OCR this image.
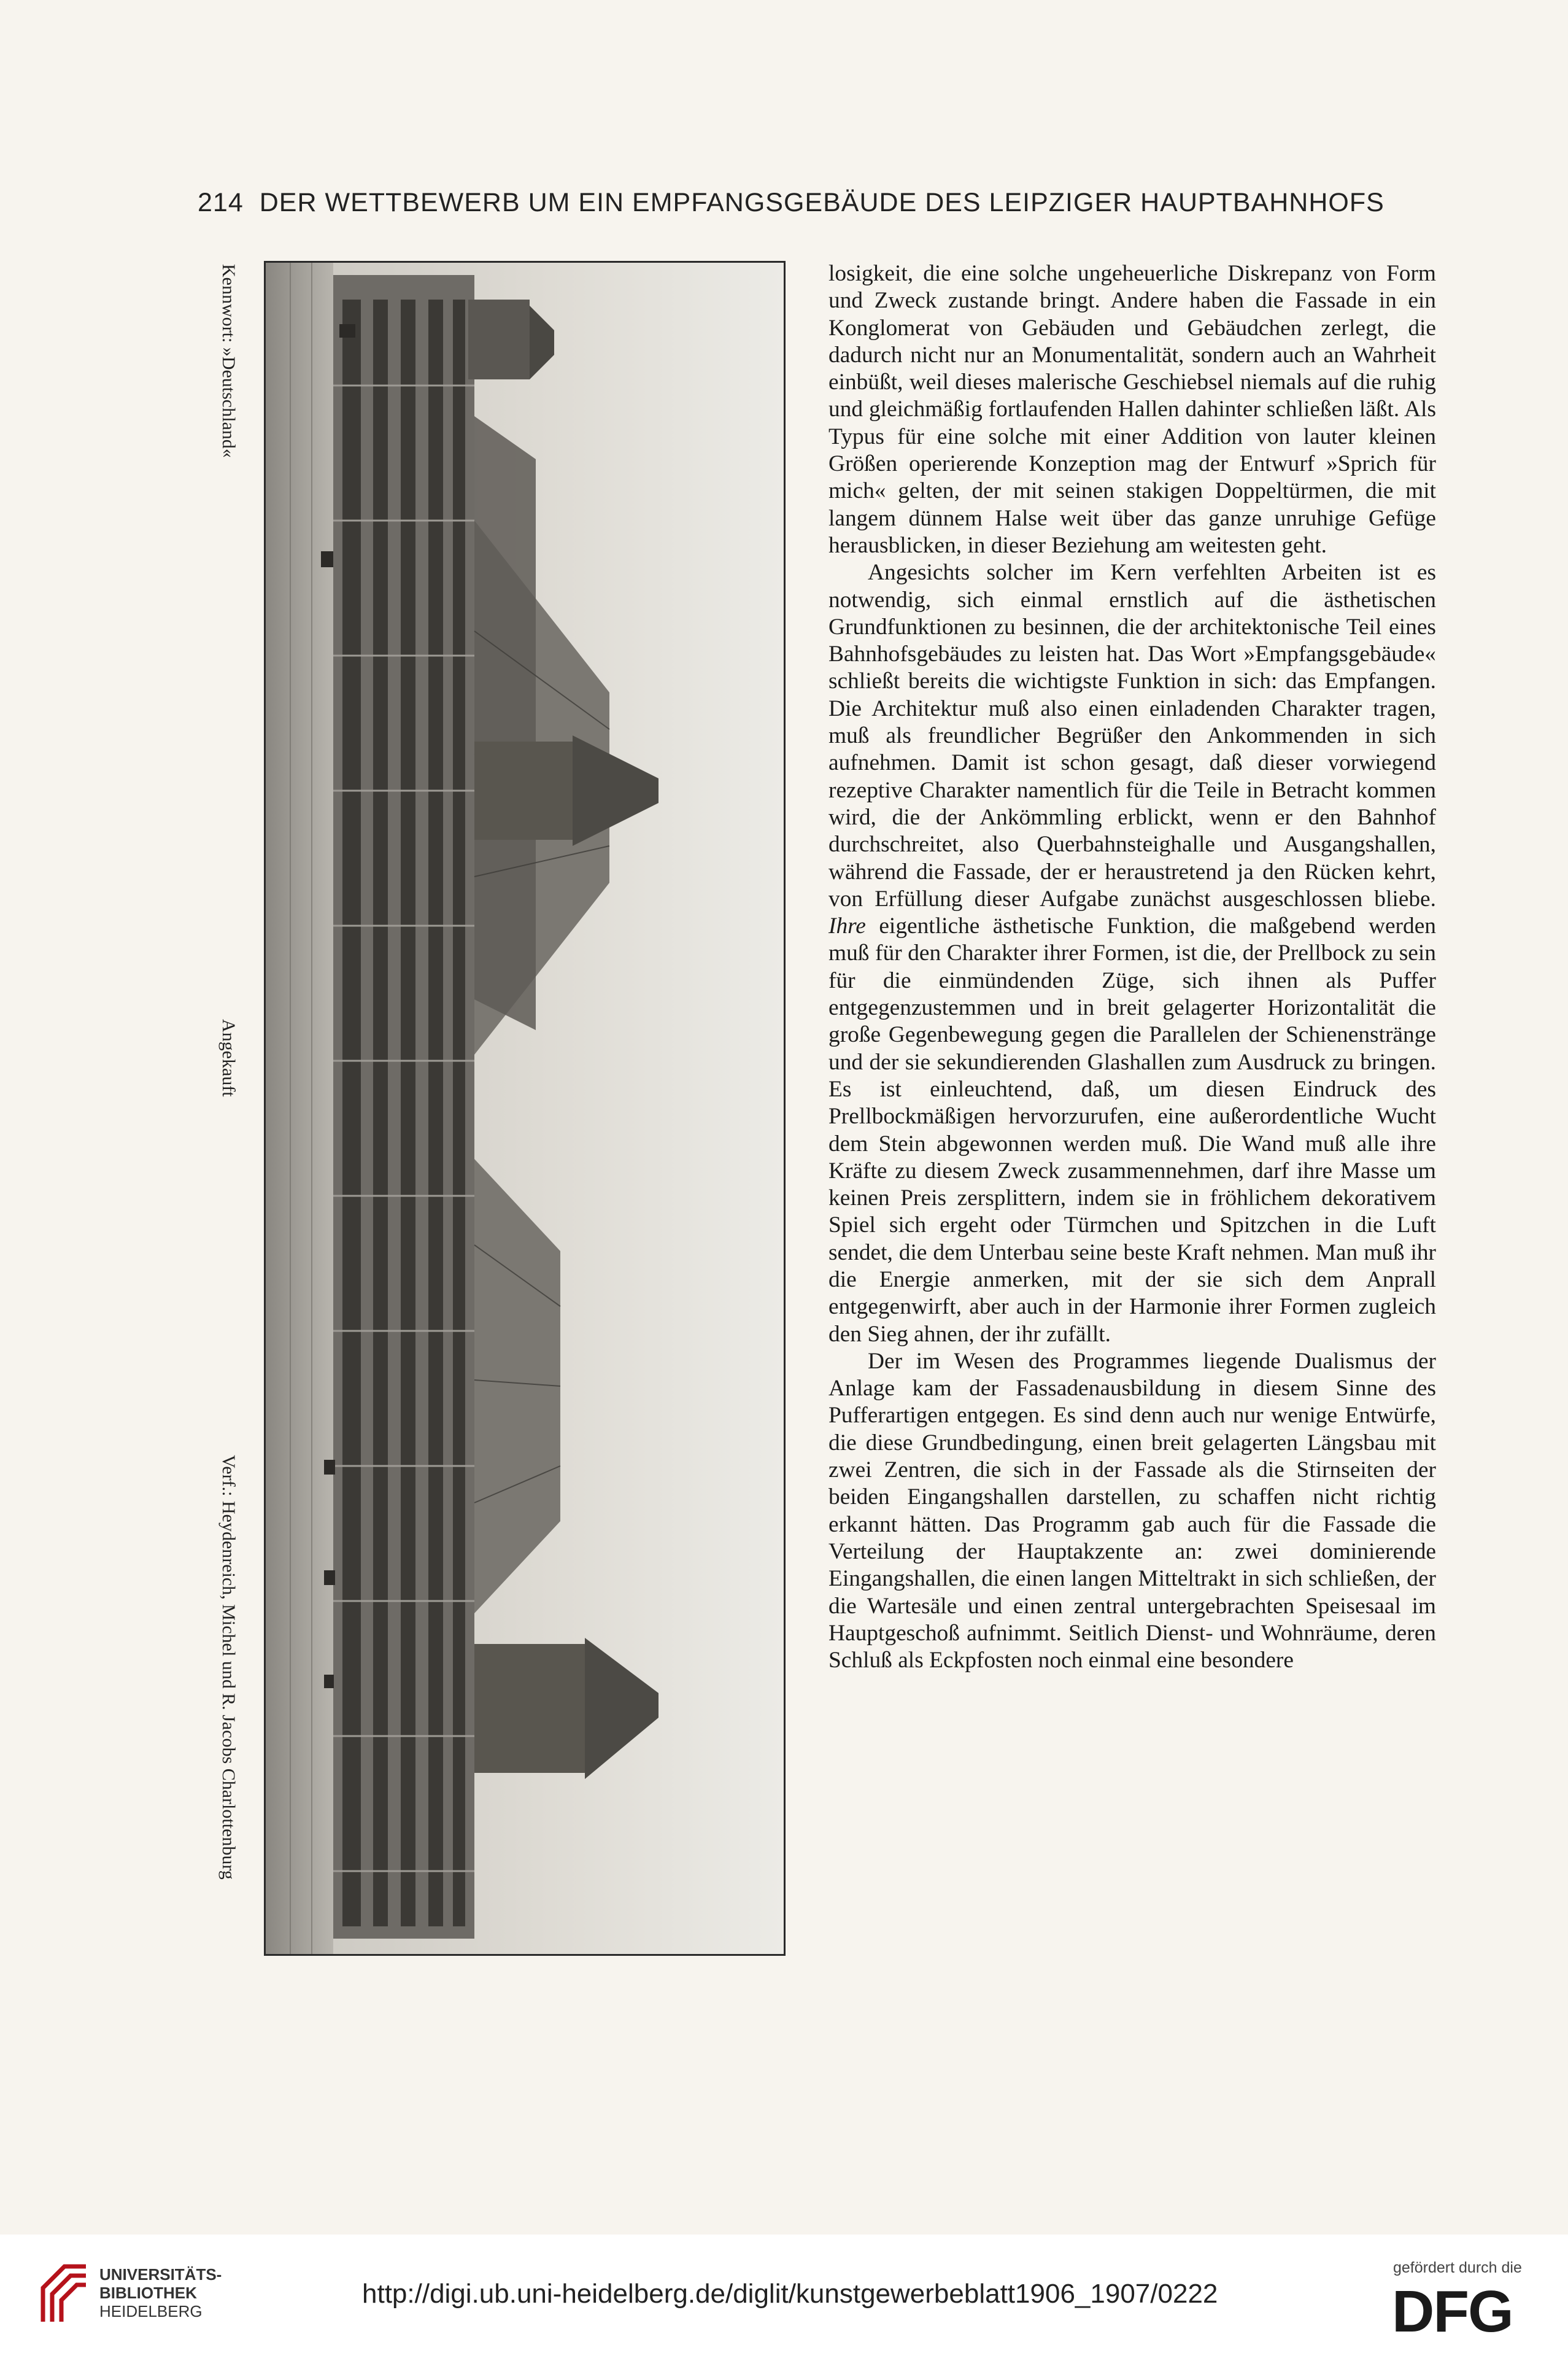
214 DER WETTBEWERB UM EIN EMPFANGSGEBÄUDE DES LEIPZIGER HAUPTBAHNHOFS
Kennwort: »Deutschland«
Angekauft
Verf.: Heydenreich, Michel und R. Jacobs Charlottenburg

losigkeit, die eine solche ungeheuerliche Diskrepanz von Form und Zweck zustande bringt. Andere haben die Fassade in ein Konglomerat von Gebäuden und Gebäudchen zerlegt, die dadurch nicht nur an Monumentalität, sondern auch an Wahrheit einbüßt, weil dieses malerische Geschiebsel niemals auf die ruhig und gleichmäßig fortlaufenden Hallen dahinter schließen läßt. Als Typus für eine solche mit einer Addition von lauter kleinen Größen operierende Konzeption mag der Entwurf »Sprich für mich« gelten, der mit seinen stakigen Doppeltürmen, die mit langem dünnem Halse weit über das ganze unruhige Gefüge herausblicken, in dieser Beziehung am weitesten geht.

Angesichts solcher im Kern verfehlten Arbeiten ist es notwendig, sich einmal ernstlich auf die ästhetischen Grundfunktionen zu besinnen, die der architektonische Teil eines Bahnhofsgebäudes zu leisten hat. Das Wort »Empfangsgebäude« schließt bereits die wichtigste Funktion in sich: das Empfangen. Die Architektur muß also einen einladenden Charakter tragen, muß als freundlicher Begrüßer den Ankommenden in sich aufnehmen. Damit ist schon gesagt, daß dieser vorwiegend rezeptive Charakter namentlich für die Teile in Betracht kommen wird, die der Ankömmling erblickt, wenn er den Bahnhof durchschreitet, also Querbahnsteighalle und Ausgangshallen, während die Fassade, der er heraustretend ja den Rücken kehrt, von Erfüllung dieser Aufgabe zunächst ausgeschlossen bliebe. Ihre eigentliche ästhetische Funktion, die maßgebend werden muß für den Charakter ihrer Formen, ist die, der Prellbock zu sein für die einmündenden Züge, sich ihnen als Puffer entgegenzustemmen und in breit gelagerter Horizontalität die große Gegenbewegung gegen die Parallelen der Schienenstränge und der sie sekundierenden Glashallen zum Ausdruck zu bringen. Es ist einleuchtend, daß, um diesen Eindruck des Prellbockmäßigen hervorzurufen, eine außerordentliche Wucht dem Stein abgewonnen werden muß. Die Wand muß alle ihre Kräfte zu diesem Zweck zusammennehmen, darf ihre Masse um keinen Preis zersplittern, indem sie in fröhlichem dekorativem Spiel sich ergeht oder Türmchen und Spitzchen in die Luft sendet, die dem Unterbau seine beste Kraft nehmen. Man muß ihr die Energie anmerken, mit der sie sich dem Anprall entgegenwirft, aber auch in der Harmonie ihrer Formen zugleich den Sieg ahnen, der ihr zufällt.

Der im Wesen des Programmes liegende Dualismus der Anlage kam der Fassadenausbildung in diesem Sinne des Pufferartigen entgegen. Es sind denn auch nur wenige Entwürfe, die diese Grundbedingung, einen breit gelagerten Längsbau mit zwei Zentren, die sich in der Fassade als die Stirnseiten der beiden Eingangshallen darstellen, zu schaffen nicht richtig erkannt hätten. Das Programm gab auch für die Fassade die Verteilung der Hauptakzente an: zwei dominierende Eingangshallen, die einen langen Mitteltrakt in sich schließen, der die Wartesäle und einen zentral untergebrachten Speisesaal im Hauptgeschoß aufnimmt. Seitlich Dienst- und Wohnräume, deren Schluß als Eckpfosten noch einmal eine besondere

UNIVERSITÄTS-
BIBLIOTHEK
HEIDELBERG
http://digi.ub.uni-heidelberg.de/diglit/kunstgewerbeblatt1906_1907/0222
gefördert durch die
DFG
